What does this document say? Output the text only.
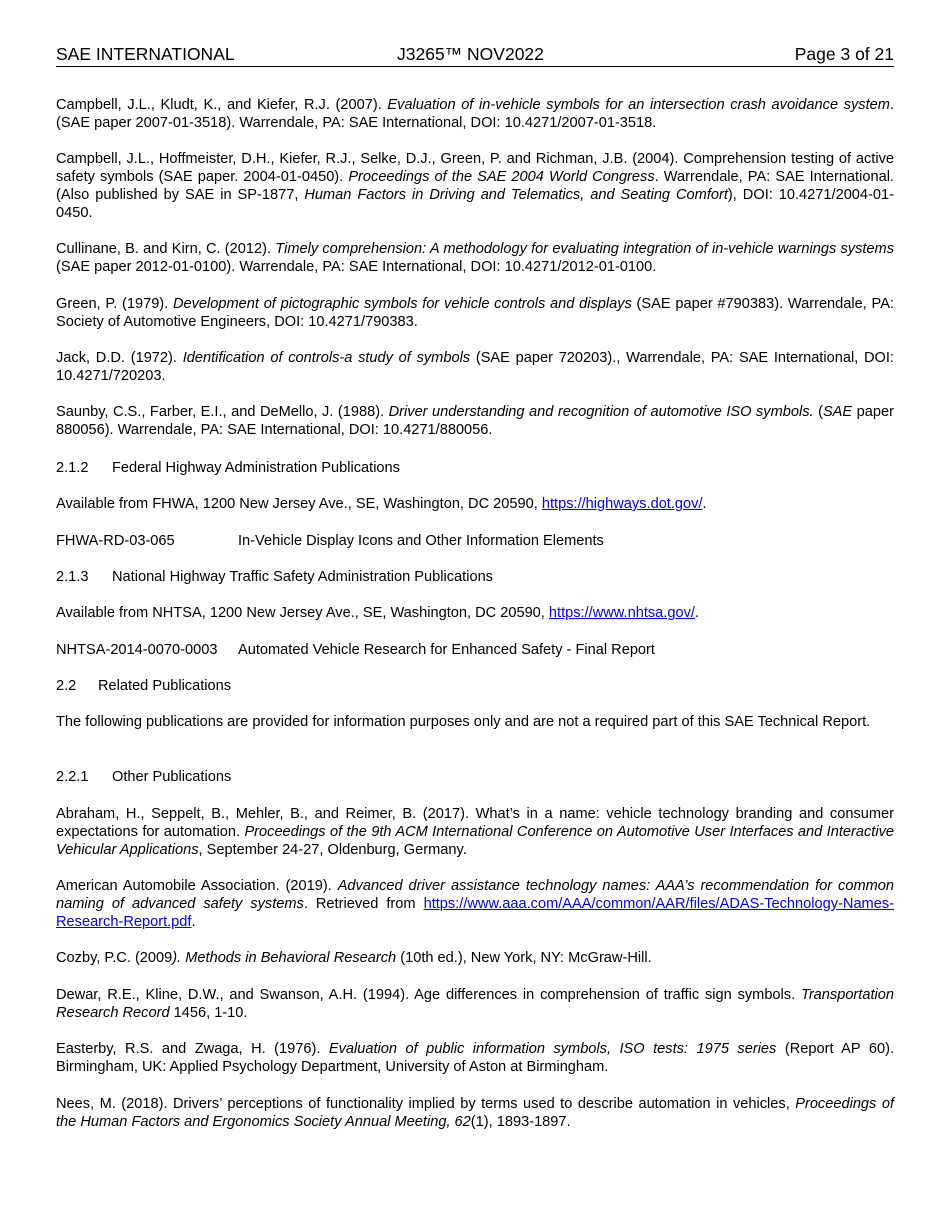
SAE INTERNATIONAL	J3265™ NOV2022	Page 3 of 21

Campbell, J.L., Kludt, K., and Kiefer, R.J. (2007). Evaluation of in-vehicle symbols for an intersection crash avoidance system. (SAE paper 2007-01-3518). Warrendale, PA: SAE International, DOI: 10.4271/2007-01-3518.

Campbell, J.L., Hoffmeister, D.H., Kiefer, R.J., Selke, D.J., Green, P. and Richman, J.B. (2004). Comprehension testing of active safety symbols (SAE paper. 2004-01-0450). Proceedings of the SAE 2004 World Congress. Warrendale, PA: SAE International. (Also published by SAE in SP-1877, Human Factors in Driving and Telematics, and Seating Comfort), DOI: 10.4271/2004-01-0450.

Cullinane, B. and Kirn, C. (2012). Timely comprehension: A methodology for evaluating integration of in-vehicle warnings systems (SAE paper 2012-01-0100). Warrendale, PA: SAE International, DOI: 10.4271/2012-01-0100.

Green, P. (1979). Development of pictographic symbols for vehicle controls and displays (SAE paper #790383). Warrendale, PA: Society of Automotive Engineers, DOI: 10.4271/790383.

Jack, D.D. (1972). Identification of controls-a study of symbols (SAE paper 720203)., Warrendale, PA: SAE International, DOI: 10.4271/720203.

Saunby, C.S., Farber, E.I., and DeMello, J. (1988). Driver understanding and recognition of automotive ISO symbols. (SAE paper 880056). Warrendale, PA: SAE International, DOI: 10.4271/880056.

2.1.2 Federal Highway Administration Publications

Available from FHWA, 1200 New Jersey Ave., SE, Washington, DC 20590, https://highways.dot.gov/.

FHWA-RD-03-065	In-Vehicle Display Icons and Other Information Elements
2.1.3 National Highway Traffic Safety Administration Publications

Available from NHTSA, 1200 New Jersey Ave., SE, Washington, DC 20590, https://www.nhtsa.gov/.

NHTSA-2014-0070-0003 Automated Vehicle Research for Enhanced Safety - Final Report
2.2 Related Publications

The following publications are provided for information purposes only and are not a required part of this SAE Technical Report.

2.2.1 Other Publications

Abraham, H., Seppelt, B., Mehler, B., and Reimer, B. (2017). What’s in a name: vehicle technology branding and consumer expectations for automation. Proceedings of the 9th ACM International Conference on Automotive User Interfaces and Interactive Vehicular Applications, September 24-27, Oldenburg, Germany.

American Automobile Association. (2019). Advanced driver assistance technology names: AAA’s recommendation for common naming of advanced safety systems. Retrieved from https://www.aaa.com/AAA/common/AAR/files/ADAS-Technology-Names-Research-Report.pdf.

Cozby, P.C. (2009). Methods in Behavioral Research (10th ed.), New York, NY: McGraw-Hill.

Dewar, R.E., Kline, D.W., and Swanson, A.H. (1994). Age differences in comprehension of traffic sign symbols. Transportation Research Record 1456, 1-10.

Easterby, R.S. and Zwaga, H. (1976). Evaluation of public information symbols, ISO tests: 1975 series (Report AP 60). Birmingham, UK: Applied Psychology Department, University of Aston at Birmingham.

Nees, M. (2018). Drivers’ perceptions of functionality implied by terms used to describe automation in vehicles, Proceedings of the Human Factors and Ergonomics Society Annual Meeting, 62(1), 1893-1897.
